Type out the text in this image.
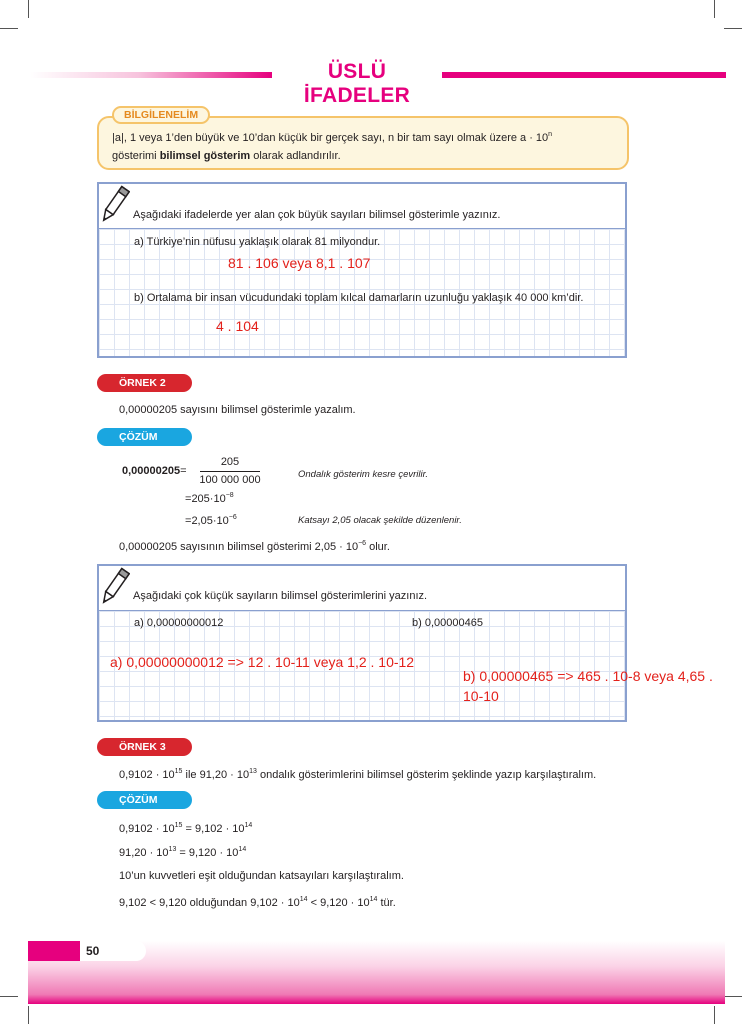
ÜSLÜ İFADELER
BİLGİLENELİM
|a|, 1 veya 1’den büyük ve 10’dan küçük bir gerçek sayı, n bir tam sayı olmak üzere $a \cdot 10^n$
gösterimi bilimsel gösterim olarak adlandırılır.
Aşağıdaki ifadelerde yer alan çok büyük sayıları bilimsel gösterimle yazınız.
a) Türkiye’nin nüfusu yaklaşık olarak 81 milyondur.
81 . 106 veya 8,1 . 107
b) Ortalama bir insan vücudundaki toplam kılcal damarların uzunluğu yaklaşık 40 000 km’dir.
4 . 104
ÖRNEK 2
0,00000205 sayısını bilimsel gösterimle yazalım.
ÇÖZÜM
0,00000205=
205
100 000 000	Ondalık gösterim kesre çevrilir.
$=205\cdot 10^{-8}$
$=2,05\cdot 10^{-6}$	Katsayı 2,05 olacak şekilde düzenlenir.
0,00000205 sayısının bilimsel gösterimi $2,05 \cdot 10^{-6}$ olur.
Aşağıdaki çok küçük sayıların bilimsel gösterimlerini yazınız.
a) 0,00000000012	b) 0,00000465
a) 0,00000000012 => 12 . 10-11 veya 1,2 . 10-12
b) 0,00000465 => 465 . 10-8 veya 4,65 .
10-10
ÖRNEK 3
$0,9102 \cdot 10^{15}$ ile $91,20 \cdot 10^{13}$ ondalık gösterimlerini bilimsel gösterim şeklinde yazıp karşılaştıralım.
ÇÖZÜM
$0,9102 \cdot 10^{15} = 9,102 \cdot 10^{14}$
$91,20 \cdot 10^{13} = 9,120 \cdot 10^{14}$
10’un kuvvetleri eşit olduğundan katsayıları karşılaştıralım.
9,102 < 9,120 olduğundan $9,102 \cdot 10^{14} < 9,120 \cdot 10^{14}$ tür.
50
